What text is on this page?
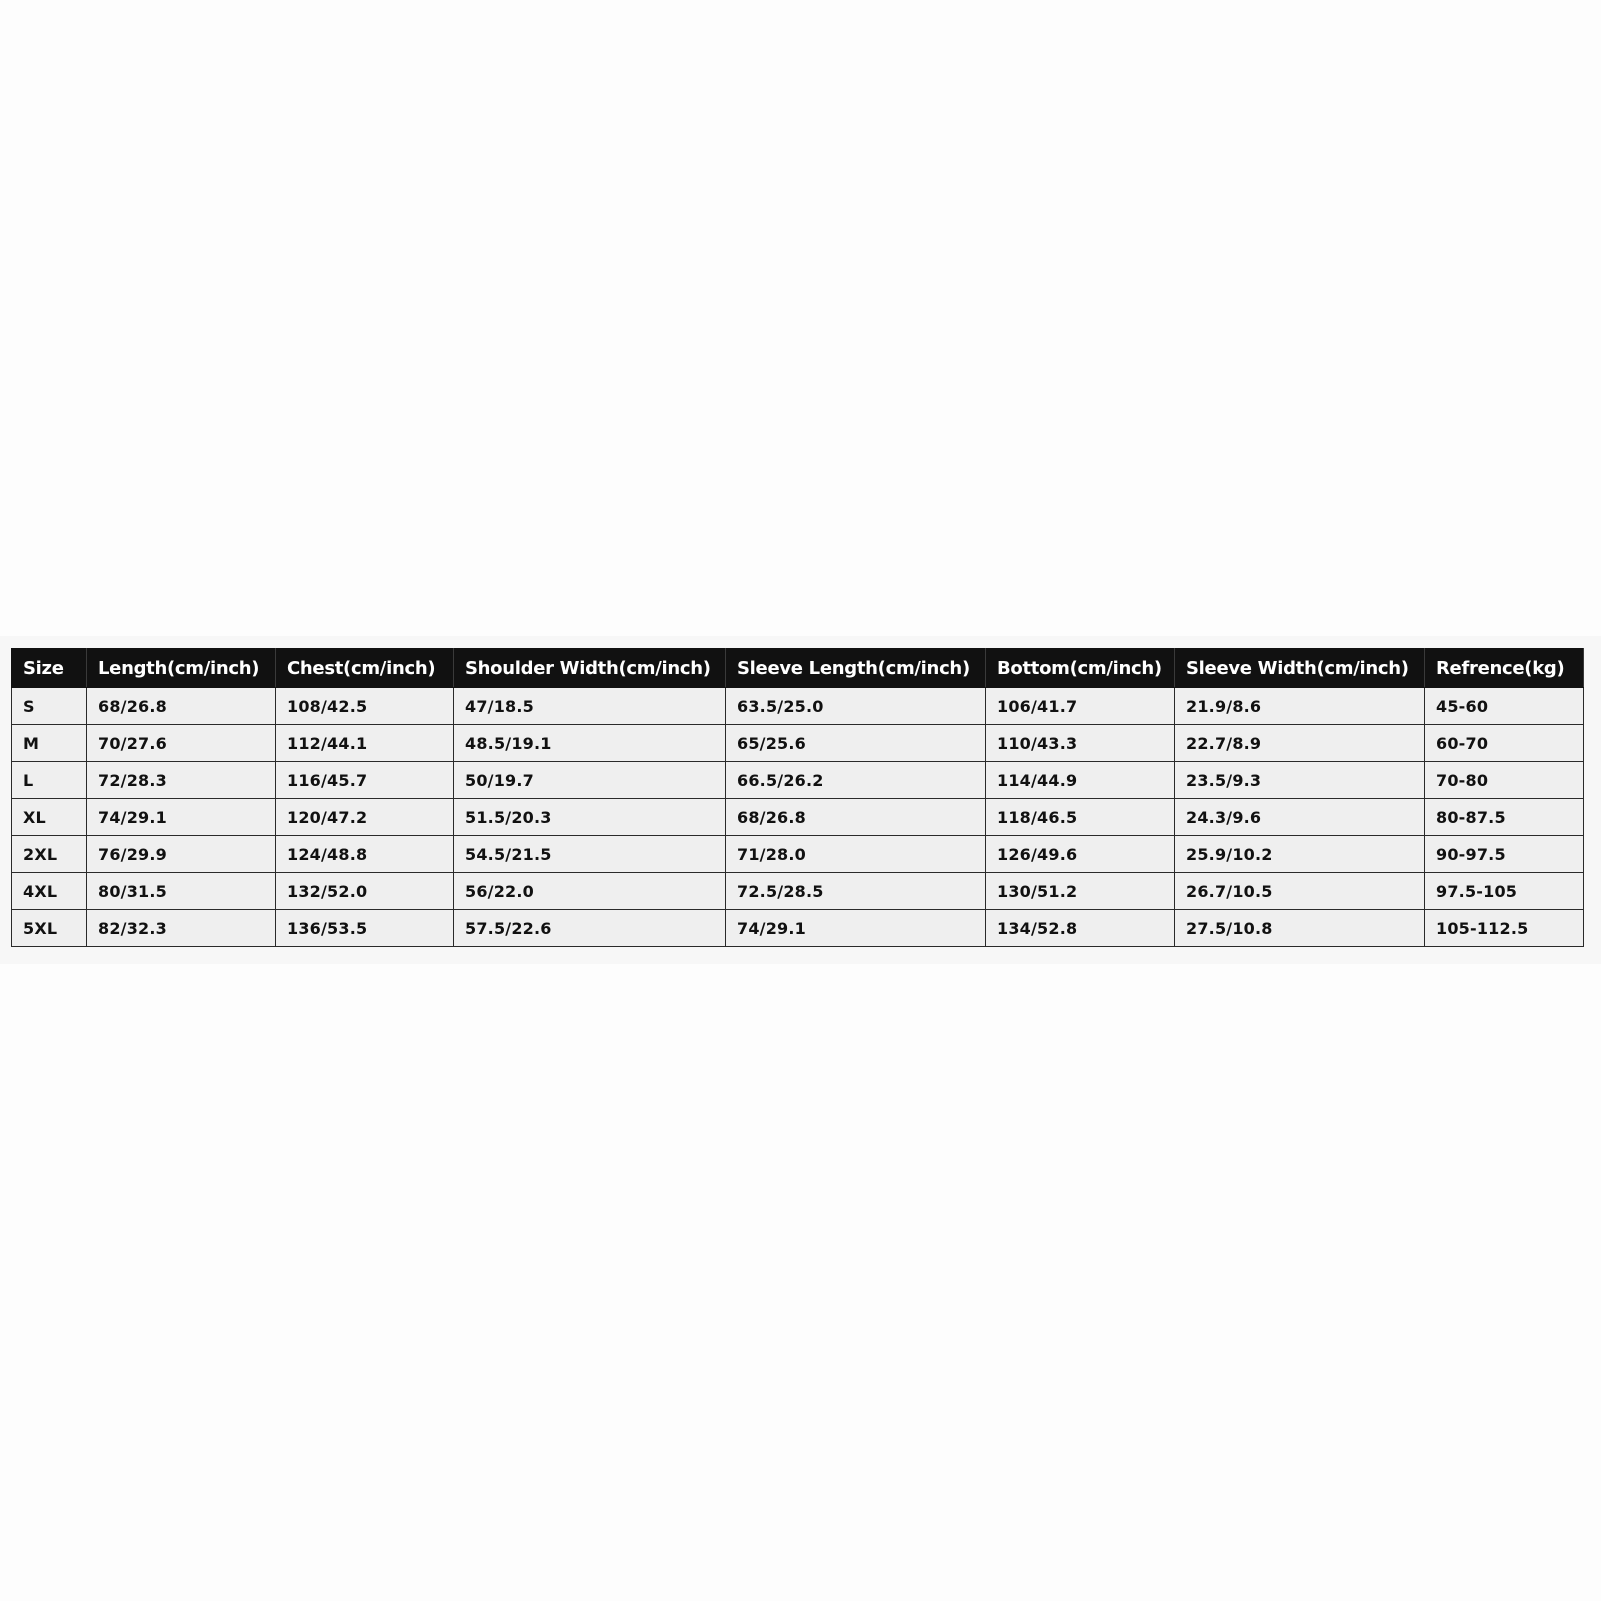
Size	Length(cm/inch)	Chest(cm/inch)	Shoulder Width(cm/inch)	Sleeve Length(cm/inch)	Bottom(cm/inch)	Sleeve Width(cm/inch)	Refrence(kg)
S	68/26.8	108/42.5	47/18.5	63.5/25.0	106/41.7	21.9/8.6	45-60
M	70/27.6	112/44.1	48.5/19.1	65/25.6	110/43.3	22.7/8.9	60-70
L	72/28.3	116/45.7	50/19.7	66.5/26.2	114/44.9	23.5/9.3	70-80
XL	74/29.1	120/47.2	51.5/20.3	68/26.8	118/46.5	24.3/9.6	80-87.5
2XL	76/29.9	124/48.8	54.5/21.5	71/28.0	126/49.6	25.9/10.2	90-97.5
4XL	80/31.5	132/52.0	56/22.0	72.5/28.5	130/51.2	26.7/10.5	97.5-105
5XL	82/32.3	136/53.5	57.5/22.6	74/29.1	134/52.8	27.5/10.8	105-112.5
